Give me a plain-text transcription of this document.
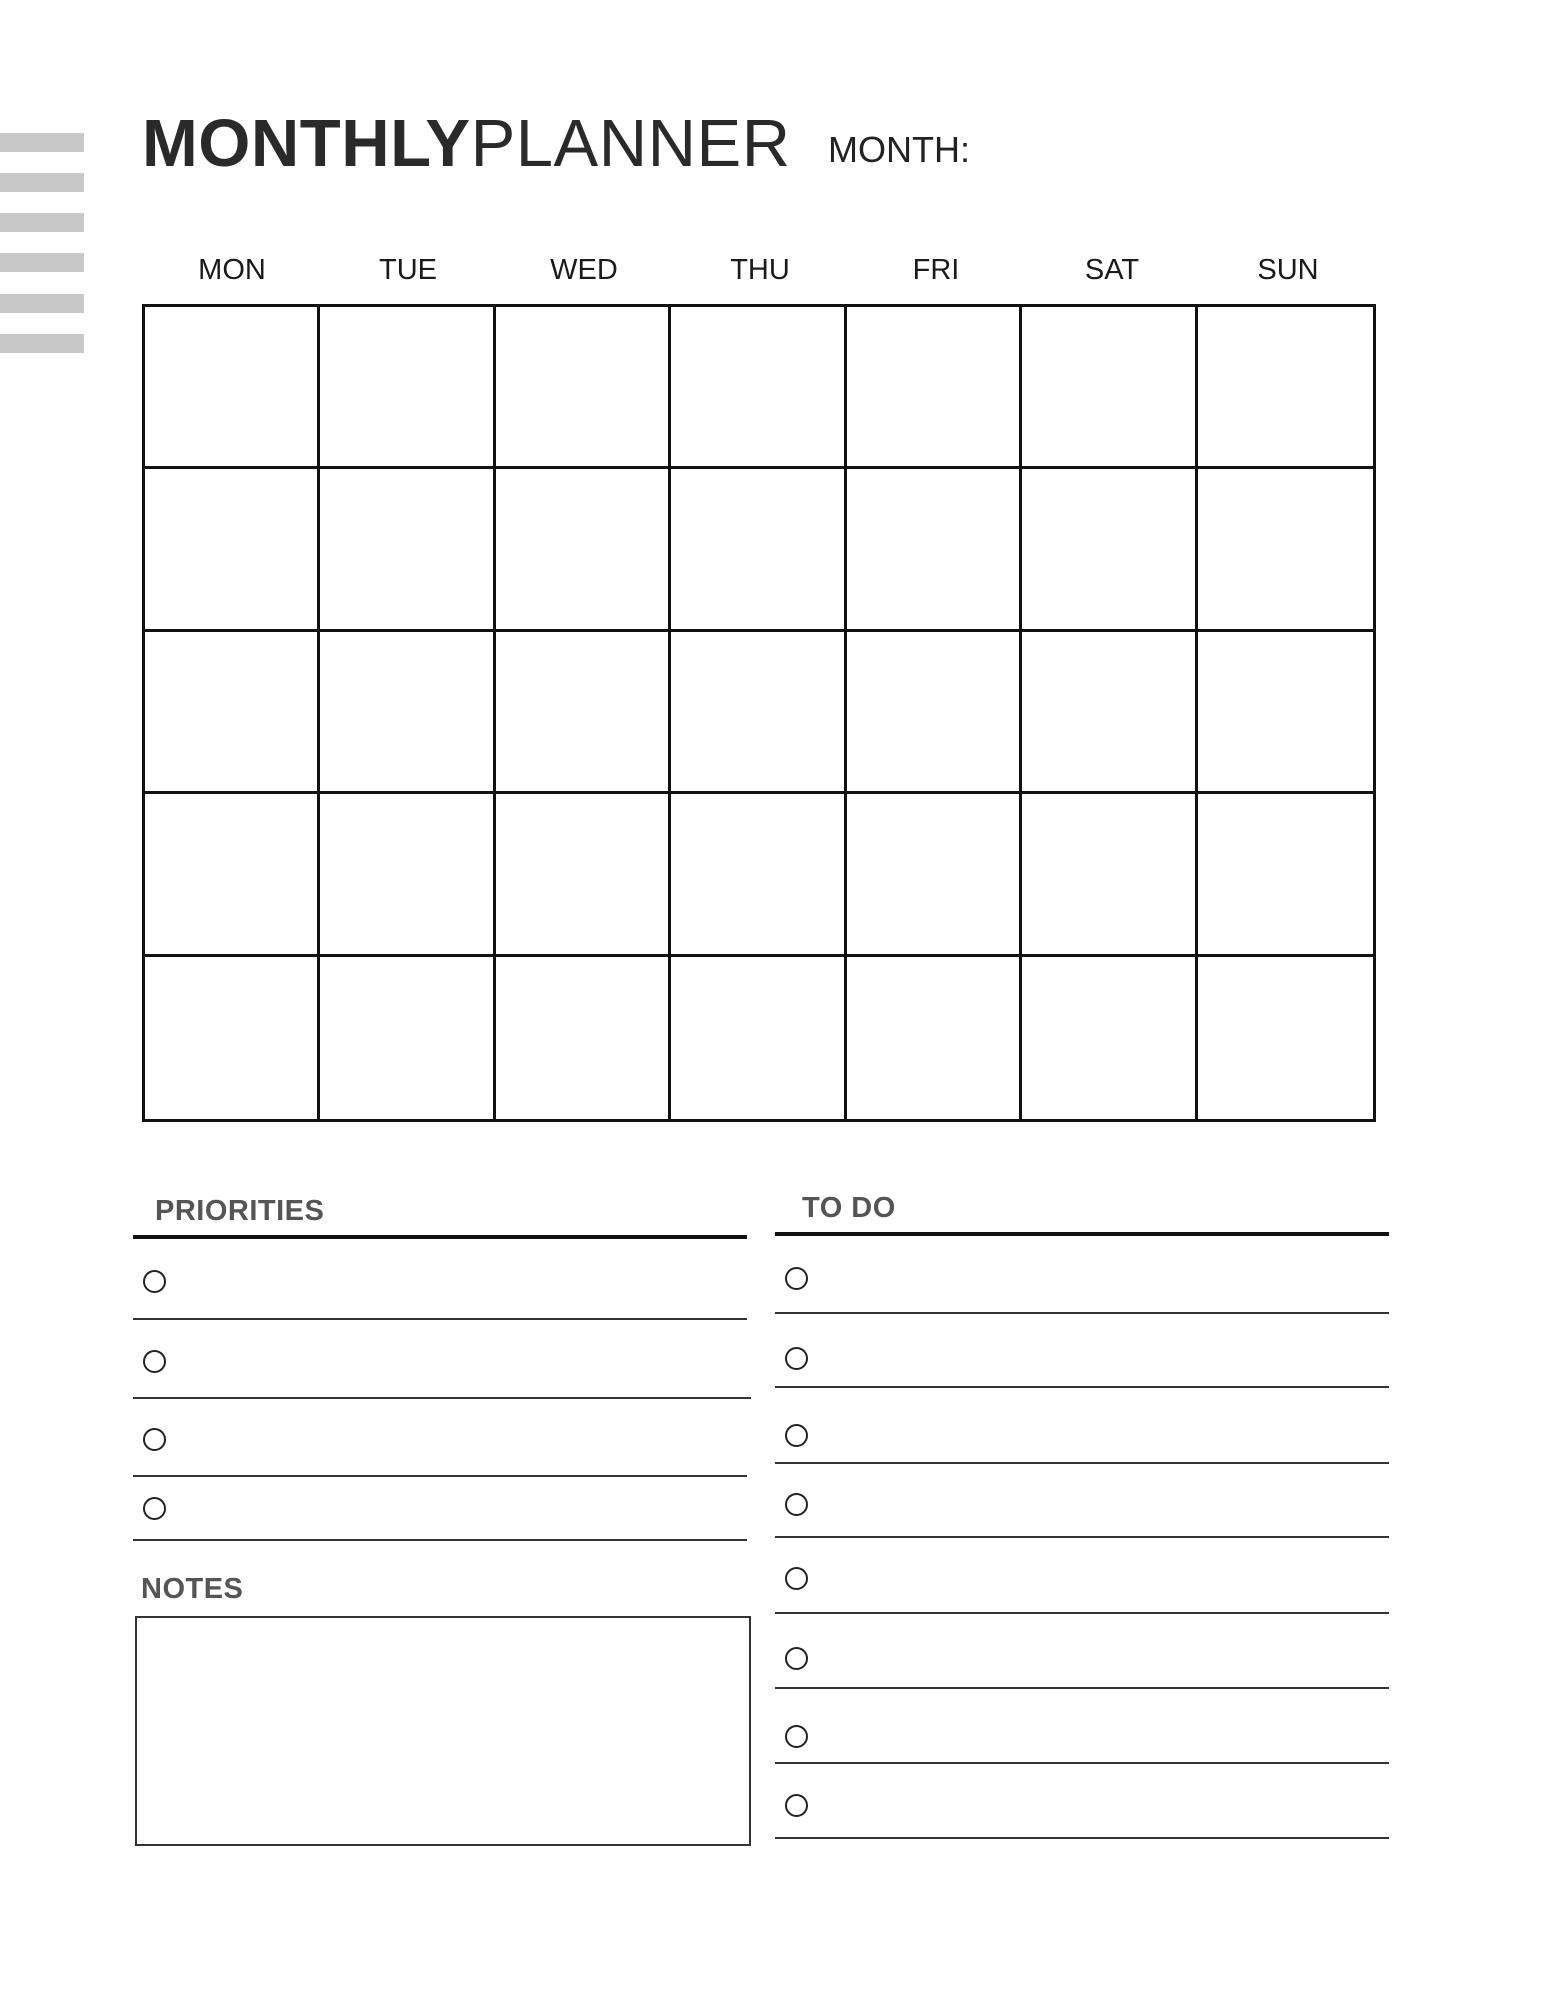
MONTHLYPLANNER MONTH:
MON	TUE	WED	THU	FRI	SAT	SUN
PRIORITIES
NOTES
TO DO
